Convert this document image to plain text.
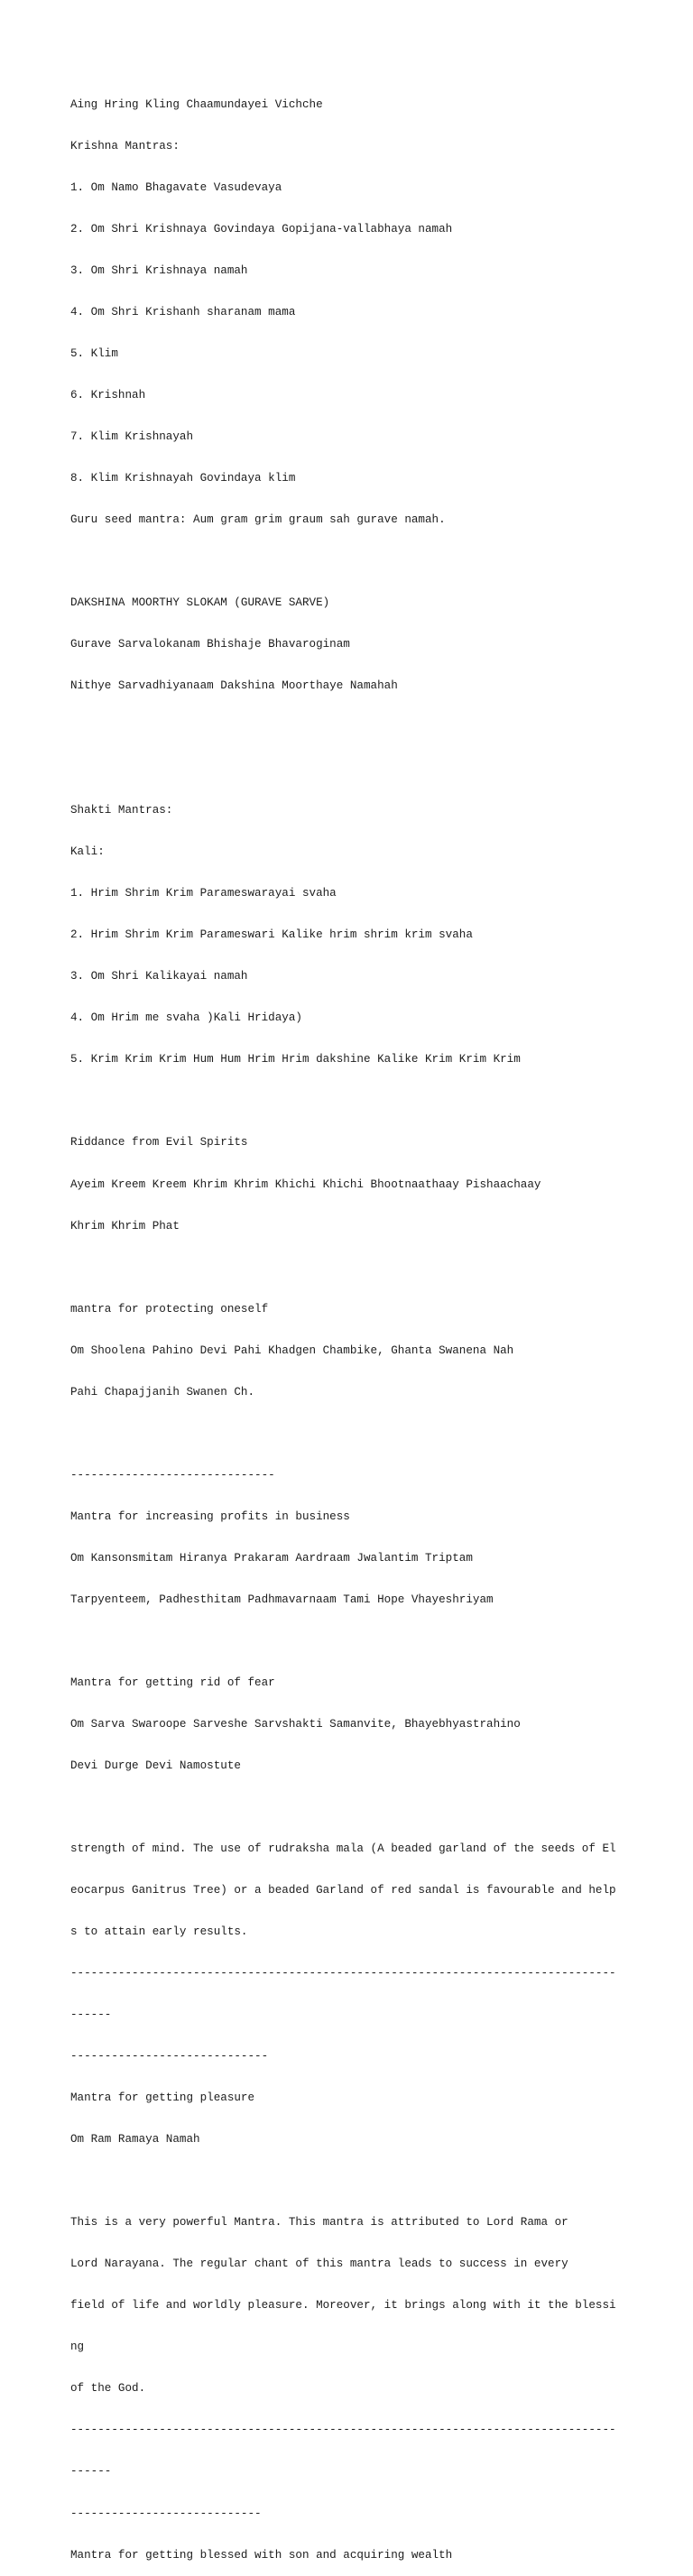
Aing Hring Kling Chaamundayei Vichche

Krishna Mantras:

1. Om Namo Bhagavate Vasudevaya

2. Om Shri Krishnaya Govindaya Gopijana-vallabhaya namah

3. Om Shri Krishnaya namah

4. Om Shri Krishanh sharanam mama

5. Klim

6. Krishnah

7. Klim Krishnayah

8. Klim Krishnayah Govindaya klim

Guru seed mantra: Aum gram grim graum sah gurave namah.

DAKSHINA MOORTHY SLOKAM (GURAVE SARVE)

Gurave Sarvalokanam Bhishaje Bhavaroginam

Nithye Sarvadhiyanaam Dakshina Moorthaye Namahah

Shakti Mantras:

Kali:

1. Hrim Shrim Krim Parameswarayai svaha

2. Hrim Shrim Krim Parameswari Kalike hrim shrim krim svaha

3. Om Shri Kalikayai namah

4. Om Hrim me svaha )Kali Hridaya)

5. Krim Krim Krim Hum Hum Hrim Hrim dakshine Kalike Krim Krim Krim

Riddance from Evil Spirits

Ayeim Kreem Kreem Khrim Khrim Khichi Khichi Bhootnaathaay Pishaachaay

Khrim Khrim Phat

mantra for protecting oneself

Om Shoolena Pahino Devi Pahi Khadgen Chambike, Ghanta Swanena Nah

Pahi Chapajjanih Swanen Ch.

------------------------------

Mantra for increasing profits in business

Om Kansonsmitam Hiranya Prakaram Aardraam Jwalantim Triptam

Tarpyenteem, Padhesthitam Padhmavarnaam Tami Hope Vhayeshriyam

Mantra for getting rid of fear

Om Sarva Swaroope Sarveshe Sarvshakti Samanvite, Bhayebhyastrahino

Devi Durge Devi Namostute

strength of mind. The use of rudraksha mala (A beaded garland of the seeds of El

eocarpus Ganitrus Tree) or a beaded Garland of red sandal is favourable and help

s to attain early results.

--------------------------------------------------------------------------------

------

-----------------------------

Mantra for getting pleasure

Om Ram Ramaya Namah

This is a very powerful Mantra. This mantra is attributed to Lord Rama or

Lord Narayana. The regular chant of this mantra leads to success in every

field of life and worldly pleasure. Moreover, it brings along with it the blessi

ng

of the God.

--------------------------------------------------------------------------------

------

----------------------------

Mantra for getting blessed with son and acquiring wealth
